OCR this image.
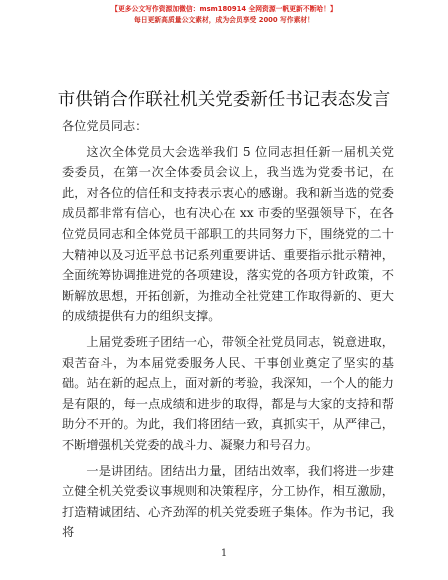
【更多公文写作资源加微信：msm180914 全网资源一帆更新不断哈！】
每日更新高质量公文素材，成为会员享受 2000 写作素材！
市供销合作联社机关党委新任书记表态发言

各位党员同志：

这次全体党员大会选举我们 5 位同志担任新一届机关党委委员，在第一次全体委员会议上，我当选为党委书记，在此，对各位的信任和支持表示衷心的感谢。我和新当选的党委成员都非常有信心，也有决心在 xx 市委的坚强领导下，在各位党员同志和全体党员干部职工的共同努力下，围绕党的二十大精神以及习近平总书记系列重要讲话、重要指示批示精神，全面统筹协调推进党的各项建设，落实党的各项方针政策，不断解放思想，开拓创新，为推动全社党建工作取得新的、更大的成绩提供有力的组织支撑。

上届党委班子团结一心，带领全社党员同志，锐意进取，艰苦奋斗，为本届党委服务人民、干事创业奠定了坚实的基础。站在新的起点上，面对新的考验，我深知，一个人的能力是有限的，每一点成绩和进步的取得，都是与大家的支持和帮助分不开的。为此，我们将团结一致，真抓实干，从严律己，不断增强机关党委的战斗力、凝聚力和号召力。

一是讲团结。团结出力量，团结出效率，我们将进一步建立健全机关党委议事规则和决策程序，分工协作，相互激励，打造精诚团结、心齐劲浑的机关党委班子集体。作为书记，我将

1
